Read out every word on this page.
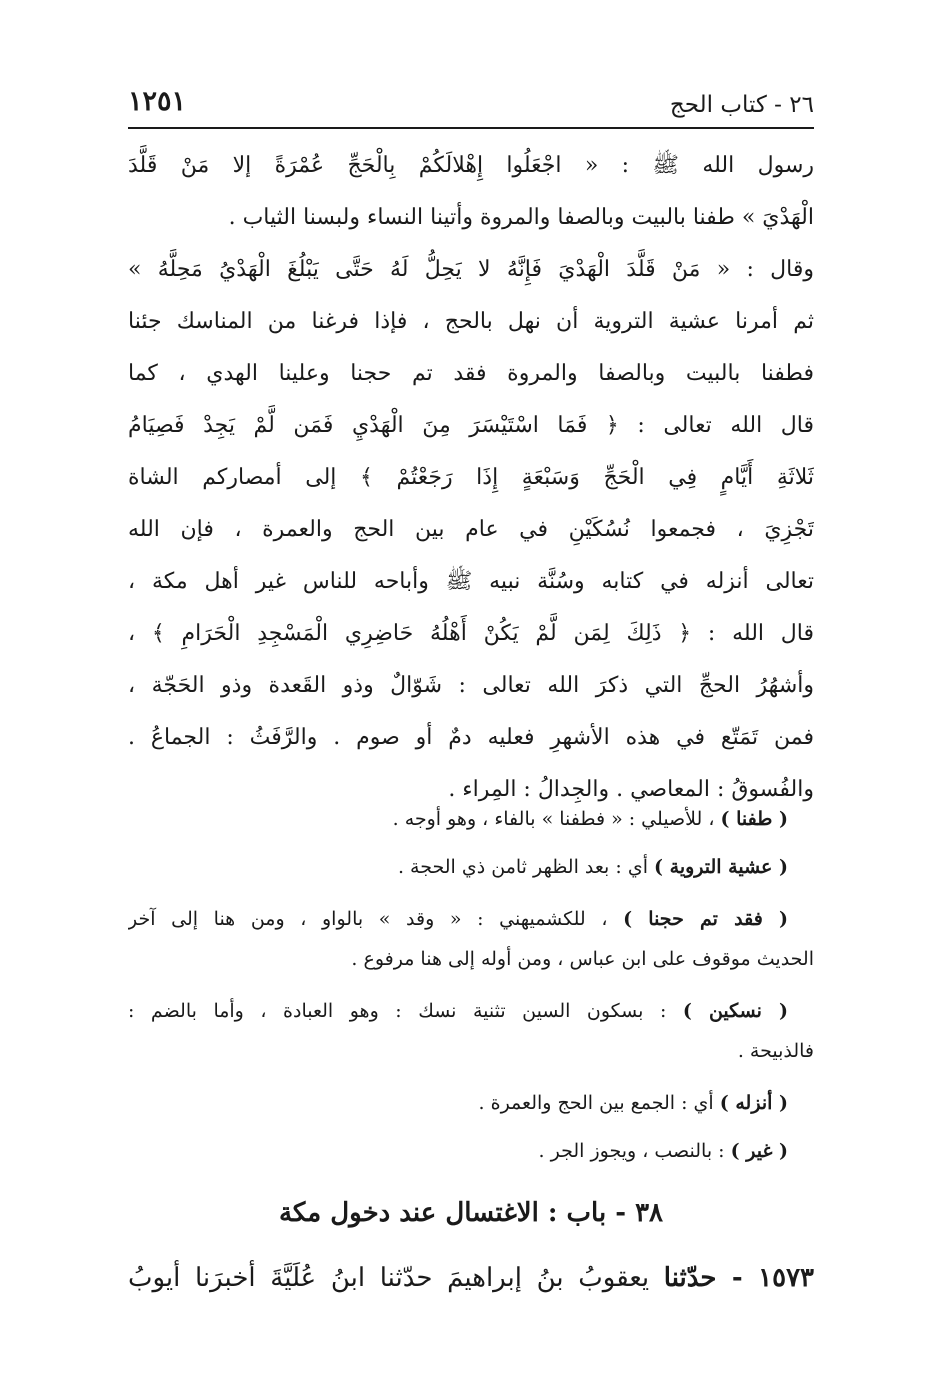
٢٦ - كتاب الحج
١٢٥١
رسول الله ﷺ : « اجْعَلُوا إِهْلالَكُمْ بِالْحَجِّ عُمْرَةً إلا مَنْ قَلَّدَ
الْهَدْيَ » طفنا بالبيت وبالصفا والمروة وأتينا النساء ولبسنا الثياب .
وقال : « مَنْ قَلَّدَ الْهَدْيَ فَإِنَّهُ لا يَحِلُّ لَهُ حَتَّى يَبْلُغَ الْهَدْيُ مَحِلَّهُ »
ثم أمرنا عشية التروية أن نهل بالحج ، فإذا فرغنا من المناسك جئنا
فطفنا بالبيت وبالصفا والمروة فقد تم حجنا وعلينا الهدي ، كما
قال الله تعالى : ﴿ فَمَا اسْتَيْسَرَ مِنَ الْهَدْيِ فَمَن لَّمْ يَجِدْ فَصِيَامُ
ثَلاثَةِ أَيَّامٍ فِي الْحَجِّ وَسَبْعَةٍ إِذَا رَجَعْتُمْ ﴾ إلى أمصاركم الشاة
تَجْزِيَ ، فجمعوا نُسُكَيْنِ في عام بين الحج والعمرة ، فإن الله
تعالى أنزله في كتابه وسُنَّة نبيه ﷺ وأباحه للناس غير أهل مكة ،
قال الله : ﴿ ذَلِكَ لِمَن لَّمْ يَكُنْ أَهْلُهُ حَاضِرِي الْمَسْجِدِ الْحَرَامِ ﴾ ،
وأشهُرُ الحجِّ التي ذكرَ الله تعالى : شَوّالٌ وذو القَعدة وذو الحَجّة ،
فمن تَمَتّع في هذه الأشهرِ فعليه دمٌ أو صوم . والرَّفَثُ : الجماعُ .
والفُسوقُ : المعاصي . والجِدالُ : المِراء .
( طفنا ) ، للأصيلي : « فطفنا » بالفاء ، وهو أوجه .
( عشية التروية ) أي : بعد الظهر ثامن ذي الحجة .
( فقد تم حجنا ) ، للكشميهني : « وقد » بالواو ، ومن هنا إلى آخر
الحديث موقوف على ابن عباس ، ومن أوله إلى هنا مرفوع .
( نسكين ) : بسكون السين تثنية نسك : وهو العبادة ، وأما بالضم :
فالذبيحة .
( أنزله ) أي : الجمع بين الحج والعمرة .
( غير ) : بالنصب ، ويجوز الجر .
٣٨ - باب : الاغتسال عند دخول مكة
١٥٧٣ - حدّثنا يعقوبُ بنُ إبراهيمَ حدّثنا ابنُ عُلَيَّةَ أخبرَنا أيوبُ
